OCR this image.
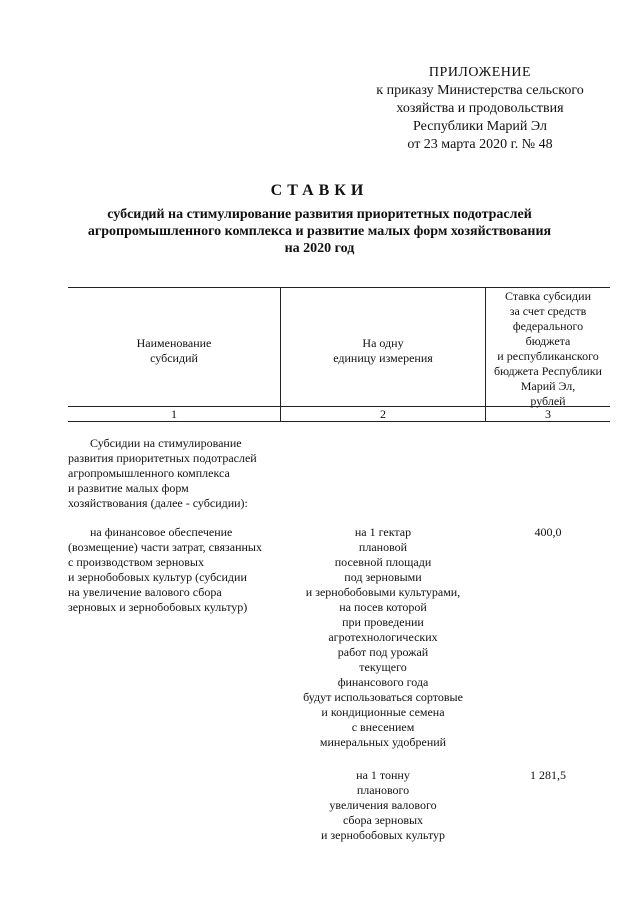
ПРИЛОЖЕНИЕ
к приказу Министерства сельского
хозяйства и продовольствия
Республики Марий Эл
от 23 марта 2020 г. № 48
СТАВКИ
субсидий на стимулирование развития приоритетных подотраслей
агропромышленного комплекса и развитие малых форм хозяйствования
на 2020 год
Наименование
субсидий
На одну
единицу измерения
Ставка субсидии
за счет средств
федерального
бюджета
и республиканского
бюджета Республики
Марий Эл,
рублей
1	2	3
Субсидии на стимулирование
развития приоритетных подотраслей
агропромышленного комплекса
и развитие малых форм
хозяйствования (далее - субсидии):
на финансовое обеспечение
(возмещение) части затрат, связанных
с производством зерновых
и зернобобовых культур (субсидии
на увеличение валового сбора
зерновых и зернобобовых культур)
на 1 гектар
плановой
посевной площади
под зерновыми
и зернобобовыми культурами,
на посев которой
при проведении
агротехнологических
работ под урожай
текущего
финансового года
будут использоваться сортовые
и кондиционные семена
с внесением
минеральных удобрений
400,0
на 1 тонну
планового
увеличения валового
сбора зерновых
и зернобобовых культур
1 281,5
